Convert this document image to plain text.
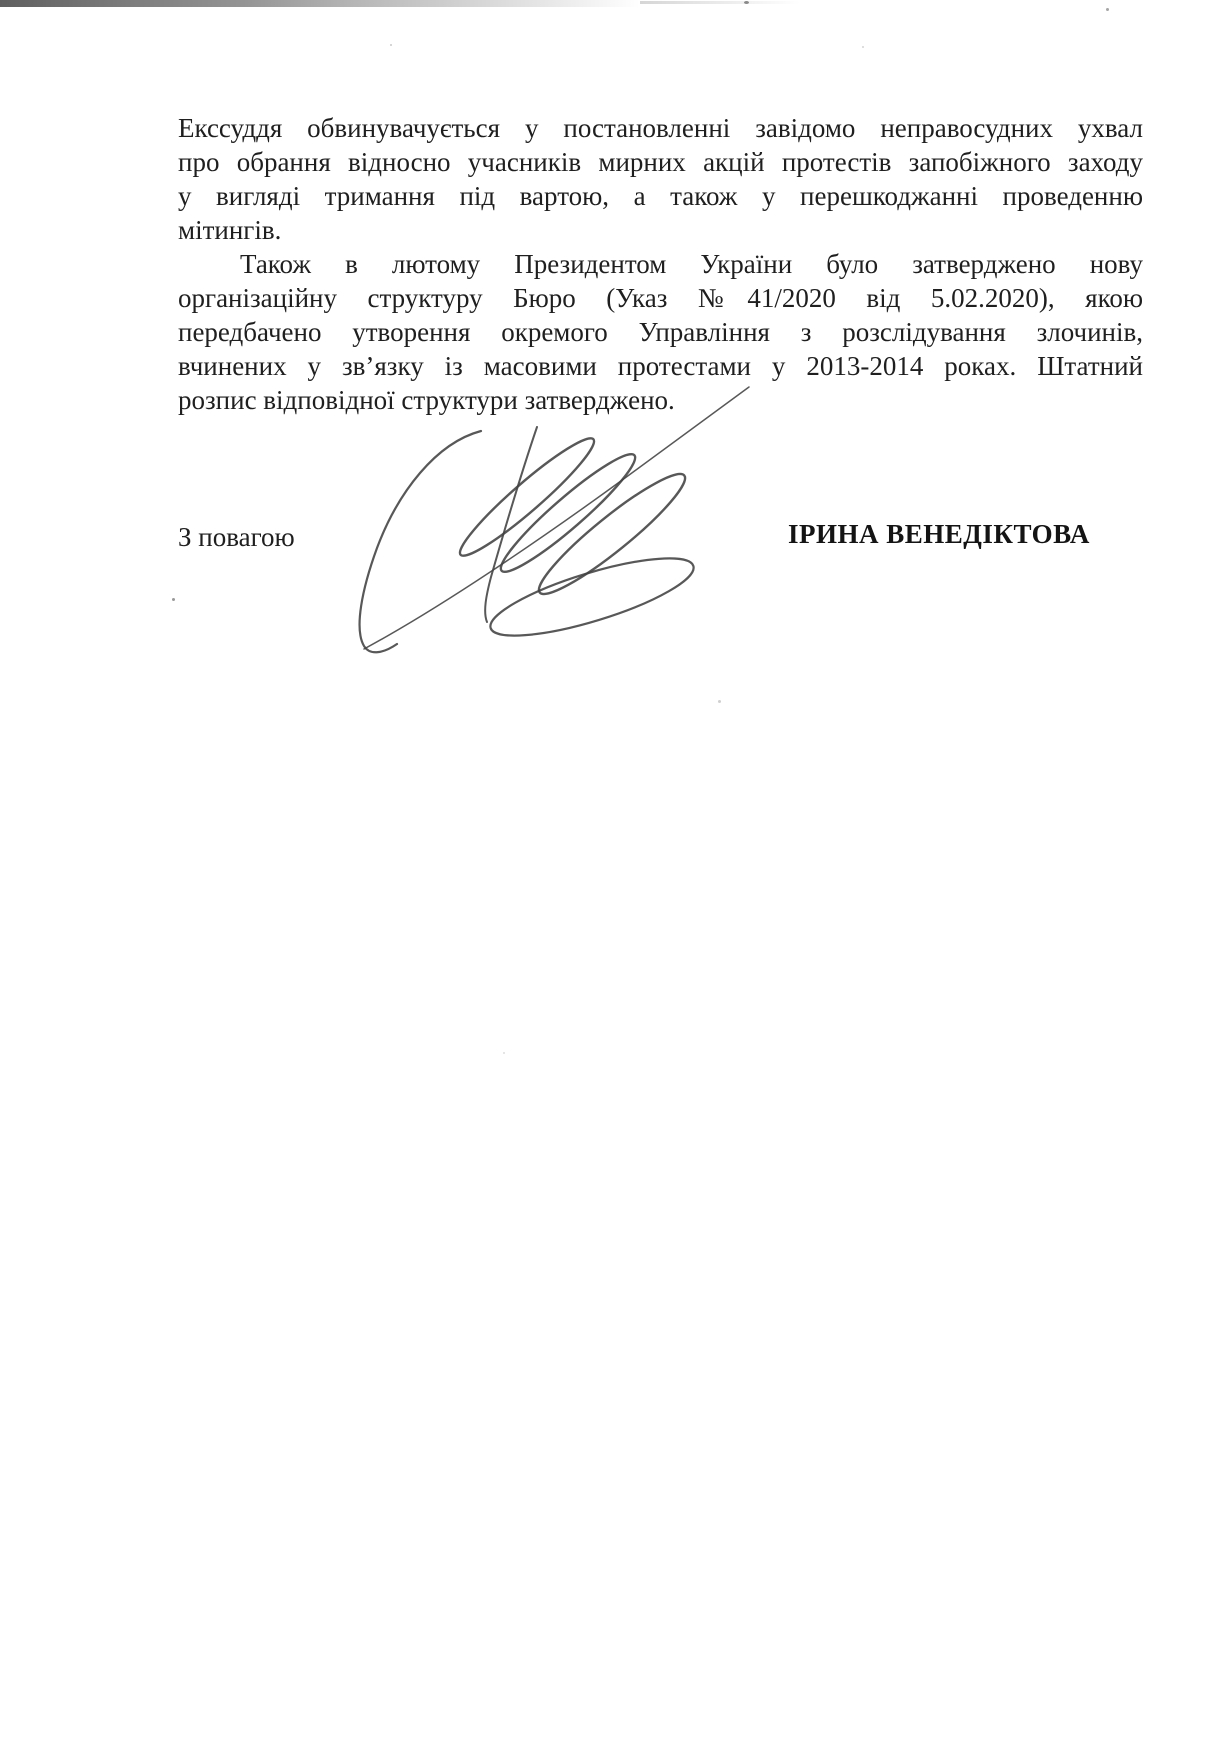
Екссуддя обвинувачується у постановленні завідомо неправосудних ухвал
про обрання відносно учасників мирних акцій протестів запобіжного заходу
у вигляді тримання під вартою, а також у перешкоджанні проведенню
мітингів.
Також в лютому Президентом України було затверджено нову
організаційну структуру Бюро (Указ №41/2020 від 5.02.2020), якою
передбачено утворення окремого Управління з розслідування злочинів,
вчинених у зв’язку із масовими протестами у 2013-2014 роках. Штатний
розпис відповідної структури затверджено.
З повагою	ІРИНА ВЕНЕДІКТОВА
